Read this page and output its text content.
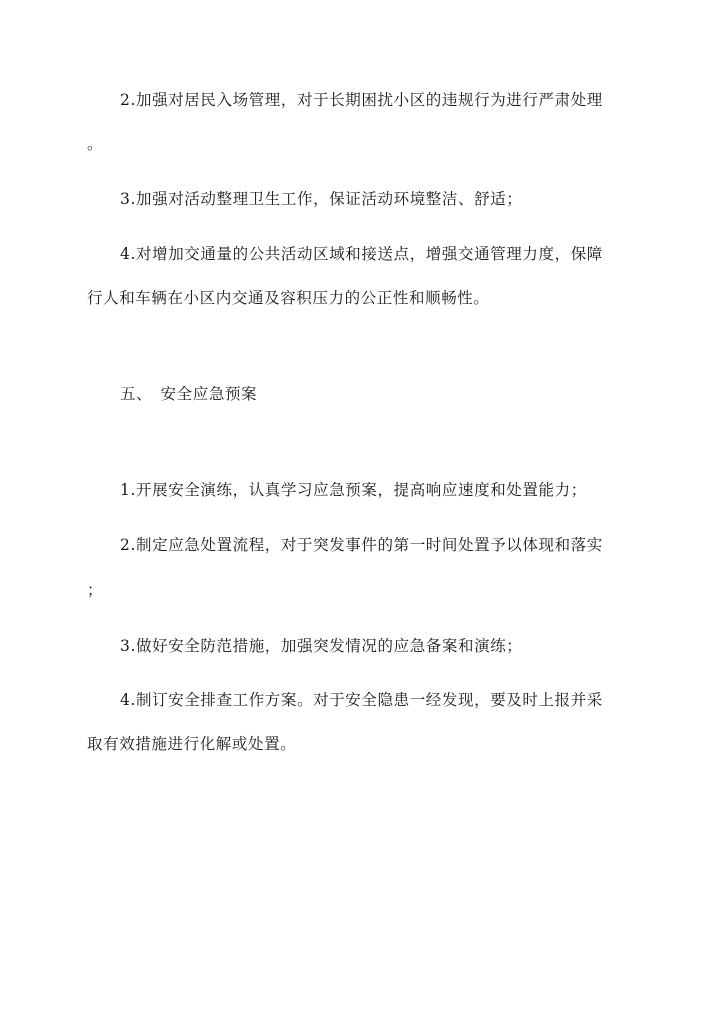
2.加强对居民入场管理，对于长期困扰小区的违规行为进行严肃处理
。
3.加强对活动整理卫生工作，保证活动环境整洁、舒适；
4.对增加交通量的公共活动区域和接送点，增强交通管理力度，保障
行人和车辆在小区内交通及容积压力的公正性和顺畅性。
五、　安全应急预案
1.开展安全演练，认真学习应急预案，提高响应速度和处置能力；
2.制定应急处置流程，对于突发事件的第一时间处置予以体现和落实
；
3.做好安全防范措施，加强突发情况的应急备案和演练；
4.制订安全排查工作方案。对于安全隐患一经发现，要及时上报并采
取有效措施进行化解或处置。
